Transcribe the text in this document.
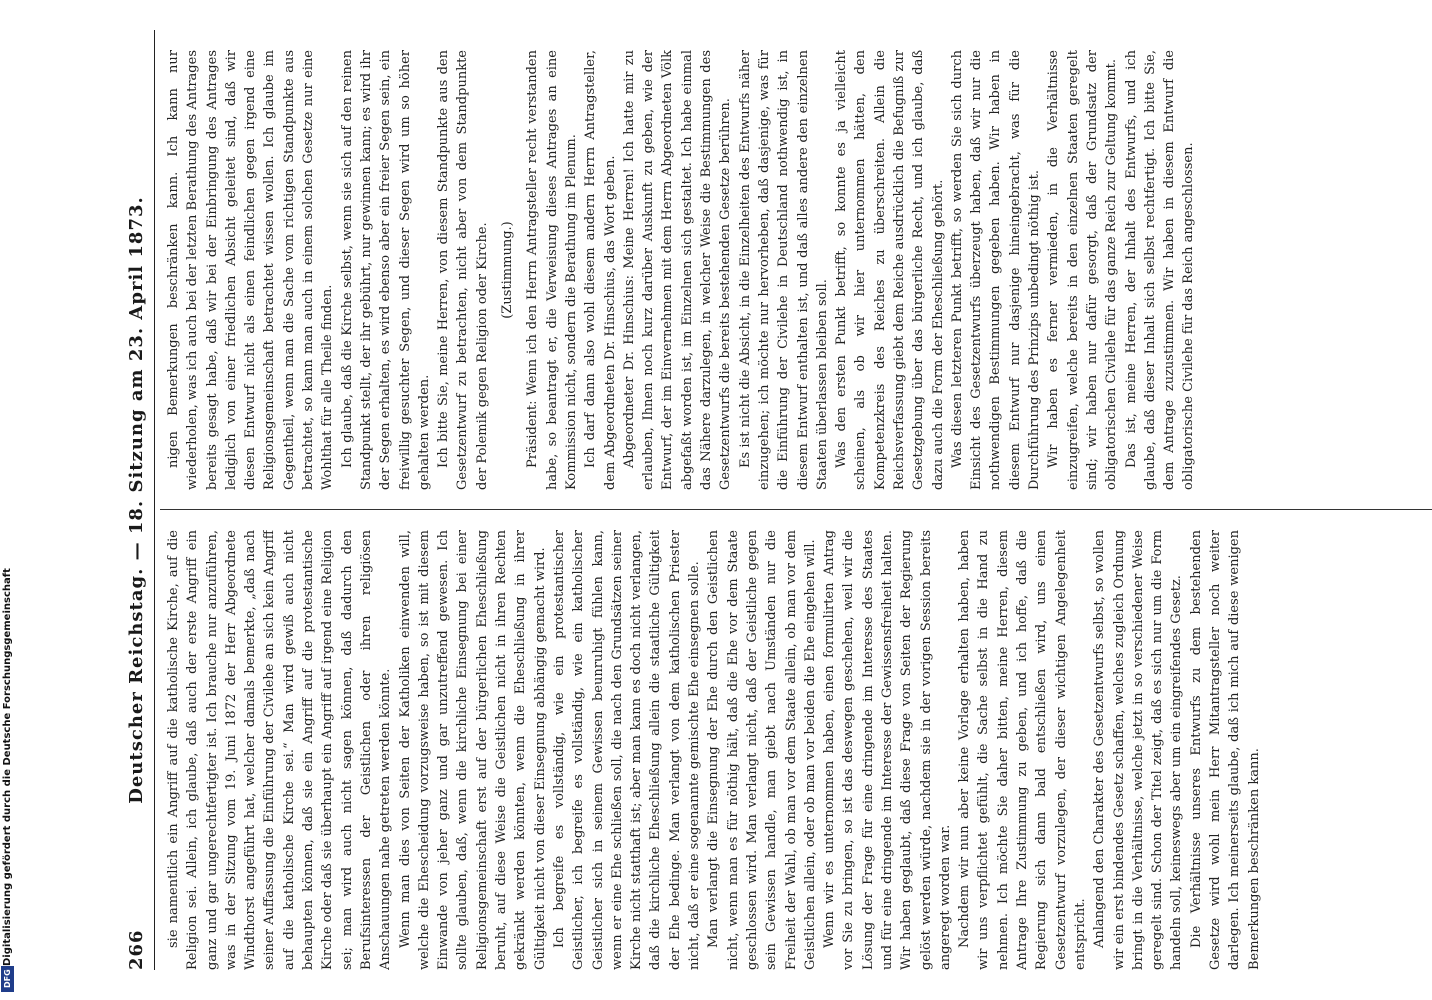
Digitalisierung gefördert durch die Deutsche Forschungsgemeinschaft
DFG
266
Deutscher Reichstag. — 18. Sitzung am 23. April 1873. sie namentlich ein Angriff auf die katholische Kirche, auf die Religion sei. Allein, ich glaube, daß auch der erste Angriff ein ganz und gar ungerechtfertigter ist. Ich brauche nur anzuführen, was in der Sitzung vom 19. Juni 1872 der Herr Abgeordnete Windthorst angeführt hat, welcher damals bemerkte, „daß nach seiner Auffassung die Einführung der Civilehe an sich kein Angriff auf die katholische Kirche sei.“ Man wird gewiß auch nicht behaupten können, daß sie ein Angriff auf die protestantische Kirche oder daß sie überhaupt ein Angriff auf irgend eine Religion sei; man wird auch nicht sagen können, daß dadurch den Berufsinteressen der Geistlichen oder ihren religiösen Anschauungen nahe getreten werden könnte. Wenn man dies von Seiten der Katholiken einwenden will, welche die Ehescheidung vorzugsweise haben, so ist mit diesem Einwande von jeher ganz und gar unzutreffend gewesen. Ich sollte glauben, daß, wenn die kirchliche Einsegnung bei einer Religionsgemeinschaft erst auf der bürgerlichen Eheschließung beruht, auf diese Weise die Geistlichen nicht in ihren Rechten gekränkt werden könnten, wenn die Eheschließung in ihrer Gültigkeit nicht von dieser Einsegnung abhängig gemacht wird. Ich begreife es vollständig, wie ein protestantischer Geistlicher, ich begreife es vollständig, wie ein katholischer Geistlicher sich in seinem Gewissen beunruhigt fühlen kann, wenn er eine Ehe schließen soll, die nach den Grundsätzen seiner Kirche nicht statthaft ist; aber man kann es doch nicht verlangen, daß die kirchliche Eheschließung allein die staatliche Gültigkeit der Ehe bedinge. Man verlangt von dem katholischen Priester nicht, daß er eine sogenannte gemischte Ehe einsegnen solle. Man verlangt die Einsegnung der Ehe durch den Geistlichen nicht, wenn man es für nöthig hält, daß die Ehe vor dem Staate geschlossen wird. Man verlangt nicht, daß der Geistliche gegen sein Gewissen handle, man giebt nach Umständen nur die Freiheit der Wahl, ob man vor dem Staate allein, ob man vor dem Geistlichen allein, oder ob man vor beiden die Ehe eingehen will. Wenn wir es unternommen haben, einen formulirten Antrag vor Sie zu bringen, so ist das deswegen geschehen, weil wir die Lösung der Frage für eine dringende im Interesse des Staates und für eine dringende im Interesse der Gewissensfreiheit halten. Wir haben geglaubt, daß diese Frage von Seiten der Regierung gelöst werden würde, nachdem sie in der vorigen Session bereits angeregt worden war. Nachdem wir nun aber keine Vorlage erhalten haben, haben wir uns verpflichtet gefühlt, die Sache selbst in die Hand zu nehmen. Ich möchte Sie daher bitten, meine Herren, diesem Antrage Ihre Zustimmung zu geben, und ich hoffe, daß die Regierung sich dann bald entschließen wird, uns einen Gesetzentwurf vorzulegen, der dieser wichtigen Angelegenheit entspricht. Anlangend den Charakter des Gesetzentwurfs selbst, so wollen wir ein erst bindendes Gesetz schaffen, welches zugleich Ordnung bringt in die Verhältnisse, welche jetzt in so verschiedener Weise geregelt sind. Schon der Titel zeigt, daß es sich nur um die Form handeln soll, keineswegs aber um ein eingreifendes Gesetz. Die Verhältnisse unseres Entwurfs zu dem bestehenden Gesetze wird wohl mein Herr Mitantragsteller noch weiter darlegen. Ich meinerseits glaube, daß ich mich auf diese wenigen Bemerkungen beschränken kann.

nigen Bemerkungen beschränken kann. Ich kann nur wiederholen, was ich auch bei der letzten Berathung des Antrages bereits gesagt habe, daß wir bei der Einbringung des Antrages lediglich von einer friedlichen Absicht geleitet sind, daß wir diesen Entwurf nicht als einen feindlichen gegen irgend eine Religionsgemeinschaft betrachtet wissen wollen. Ich glaube im Gegentheil, wenn man die Sache vom richtigen Standpunkte aus betrachtet, so kann man auch in einem solchen Gesetze nur eine Wohlthat für alle Theile finden. Ich glaube, daß die Kirche selbst, wenn sie sich auf den reinen Standpunkt stellt, der ihr gebührt, nur gewinnen kann; es wird ihr der Segen erhalten, es wird ebenso aber ein freier Segen sein, ein freiwillig gesuchter Segen, und dieser Segen wird um so höher gehalten werden. Ich bitte Sie, meine Herren, von diesem Standpunkte aus den Gesetzentwurf zu betrachten, nicht aber von dem Standpunkte der Polemik gegen Religion oder Kirche. (Zustimmung.) Präsident: Wenn ich den Herrn Antragsteller recht verstanden habe, so beantragt er, die Verweisung dieses Antrages an eine Kommission nicht, sondern die Berathung im Plenum. Ich darf dann also wohl diesem andern Herrn Antragsteller, dem Abgeordneten Dr. Hinschius, das Wort geben. Abgeordneter Dr. Hinschius: Meine Herren! Ich hatte mir zu erlauben, Ihnen noch kurz darüber Auskunft zu geben, wie der Entwurf, der im Einvernehmen mit dem Herrn Abgeordneten Völk abgefaßt worden ist, im Einzelnen sich gestaltet. Ich habe einmal das Nähere darzulegen, in welcher Weise die Bestimmungen des Gesetzentwurfs die bereits bestehenden Gesetze berühren. Es ist nicht die Absicht, in die Einzelheiten des Entwurfs näher einzugehen; ich möchte nur hervorheben, daß dasjenige, was für die Einführung der Civilehe in Deutschland nothwendig ist, in diesem Entwurf enthalten ist, und daß alles andere den einzelnen Staaten überlassen bleiben soll. Was den ersten Punkt betrifft, so konnte es ja vielleicht scheinen, als ob wir hier unternommen hätten, den Kompetenzkreis des Reiches zu überschreiten. Allein die Reichsverfassung giebt dem Reiche ausdrücklich die Befugniß zur Gesetzgebung über das bürgerliche Recht, und ich glaube, daß dazu auch die Form der Eheschließung gehört. Was diesen letzteren Punkt betrifft, so werden Sie sich durch Einsicht des Gesetzentwurfs überzeugt haben, daß wir nur die nothwendigen Bestimmungen gegeben haben. Wir haben in diesem Entwurf nur dasjenige hineingebracht, was für die Durchführung des Prinzips unbedingt nöthig ist. Wir haben es ferner vermieden, in die Verhältnisse einzugreifen, welche bereits in den einzelnen Staaten geregelt sind; wir haben nur dafür gesorgt, daß der Grundsatz der obligatorischen Civilehe für das ganze Reich zur Geltung kommt. Das ist, meine Herren, der Inhalt des Entwurfs, und ich glaube, daß dieser Inhalt sich selbst rechtfertigt. Ich bitte Sie, dem Antrage zuzustimmen. Wir haben in diesem Entwurf die obligatorische Civilehe für das Reich angeschlossen.
